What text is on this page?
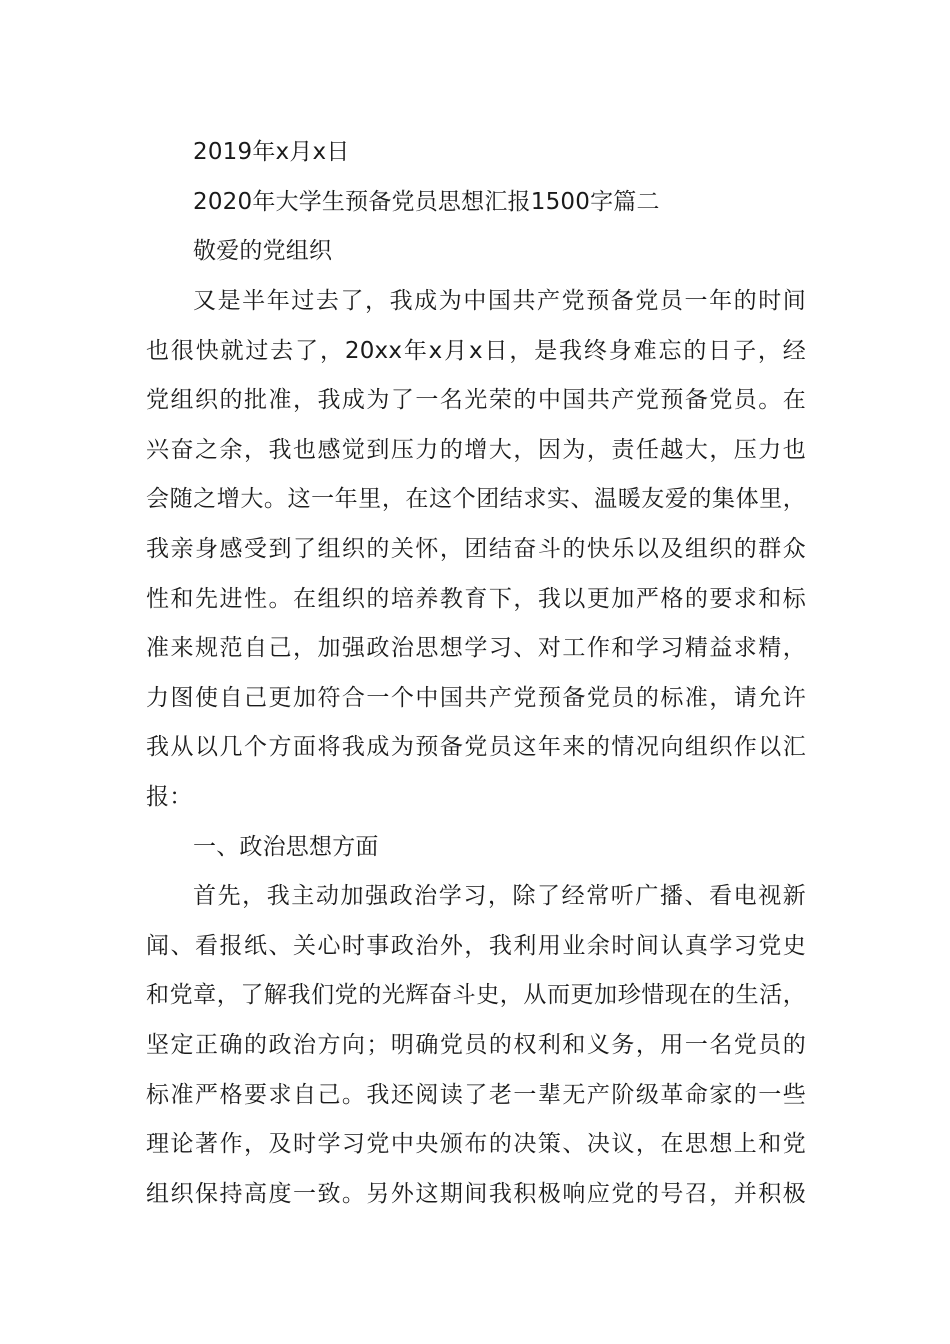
2019年x月x日
2020年大学生预备党员思想汇报1500字篇二
敬爱的党组织
又是半年过去了，我成为中国共产党预备党员一年的时间
也很快就过去了，20xx年x月x日，是我终身难忘的日子，经
党组织的批准，我成为了一名光荣的中国共产党预备党员。在
兴奋之余，我也感觉到压力的增大，因为，责任越大，压力也
会随之增大。这一年里，在这个团结求实、温暖友爱的集体里，
我亲身感受到了组织的关怀，团结奋斗的快乐以及组织的群众
性和先进性。在组织的培养教育下，我以更加严格的要求和标
准来规范自己，加强政治思想学习、对工作和学习精益求精，
力图使自己更加符合一个中国共产党预备党员的标准，请允许
我从以几个方面将我成为预备党员这年来的情况向组织作以汇
报：
一、政治思想方面
首先，我主动加强政治学习，除了经常听广播、看电视新
闻、看报纸、关心时事政治外，我利用业余时间认真学习党史
和党章，了解我们党的光辉奋斗史，从而更加珍惜现在的生活，
坚定正确的政治方向；明确党员的权利和义务，用一名党员的
标准严格要求自己。我还阅读了老一辈无产阶级革命家的一些
理论著作，及时学习党中央颁布的决策、决议，在思想上和党
组织保持高度一致。另外这期间我积极响应党的号召，并积极
